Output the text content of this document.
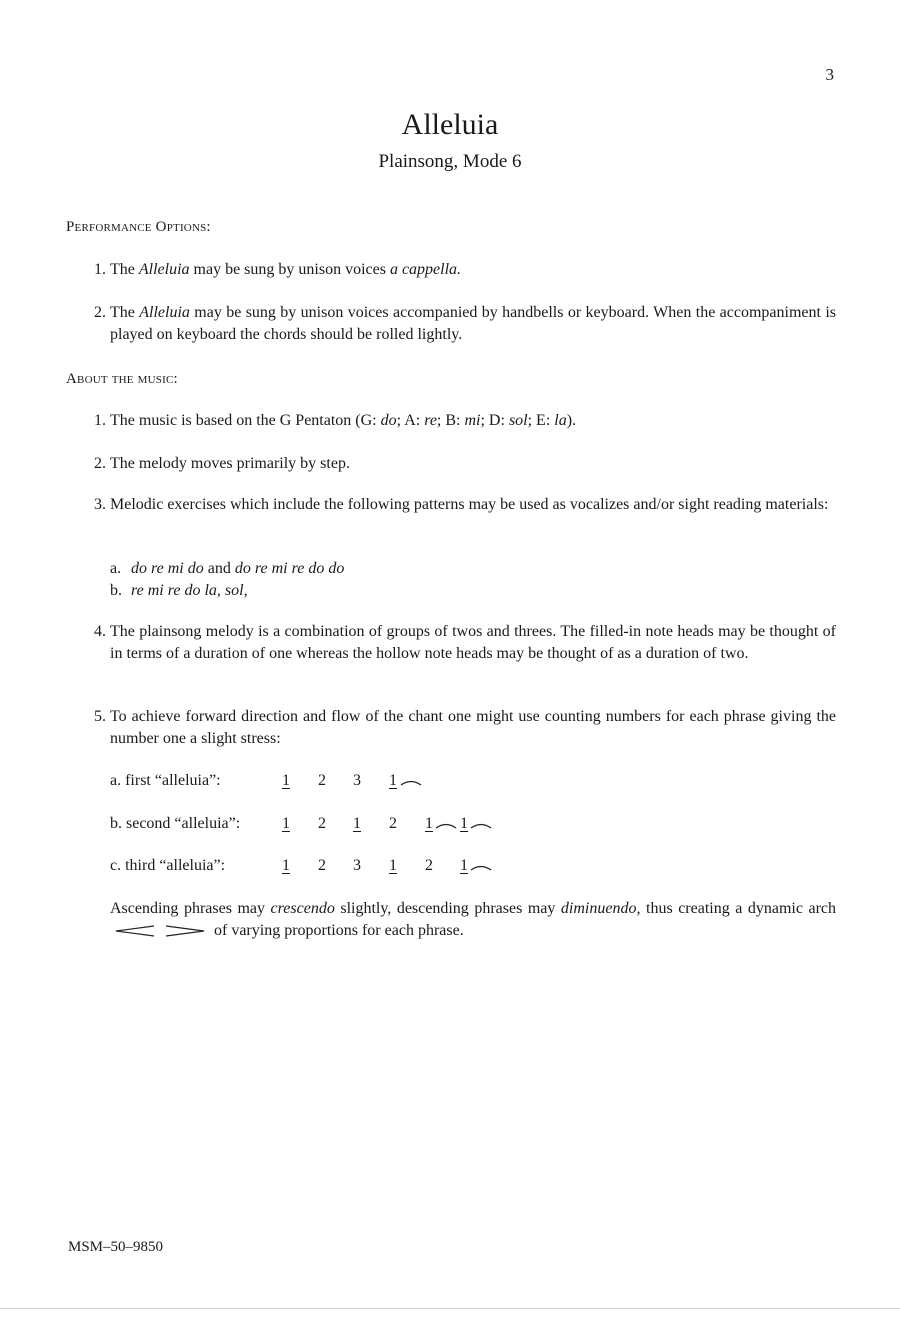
3
Alleluia
Plainsong, Mode 6
Performance Options:
1. The Alleluia may be sung by unison voices a cappella.
2. The Alleluia may be sung by unison voices accompanied by handbells or keyboard. When the accompaniment is played on keyboard the chords should be rolled lightly.
About the music:
1. The music is based on the G Pentaton (G: do; A: re; B: mi; D: sol; E: la).
2. The melody moves primarily by step.
3. Melodic exercises which include the following patterns may be used as vocalizes and/or sight reading materials:
a. do re mi do and do re mi re do do
b. re mi re do la, sol,
4. The plainsong melody is a combination of groups of twos and threes. The filled-in note heads may be thought of in terms of a duration of one whereas the hollow note heads may be thought of as a duration of two.
5. To achieve forward direction and flow of the chant one might use counting numbers for each phrase giving the number one a slight stress:
a. first “alleluia”:	1 2 3 1
b. second “alleluia”:	1 2 1 2 1 1
c. third “alleluia”:	1 2 3 1 2 1
Ascending phrases may crescendo slightly, descending phrases may diminuendo, thus creating a dynamic arch  of varying proportions for each phrase.
MSM–50–9850
